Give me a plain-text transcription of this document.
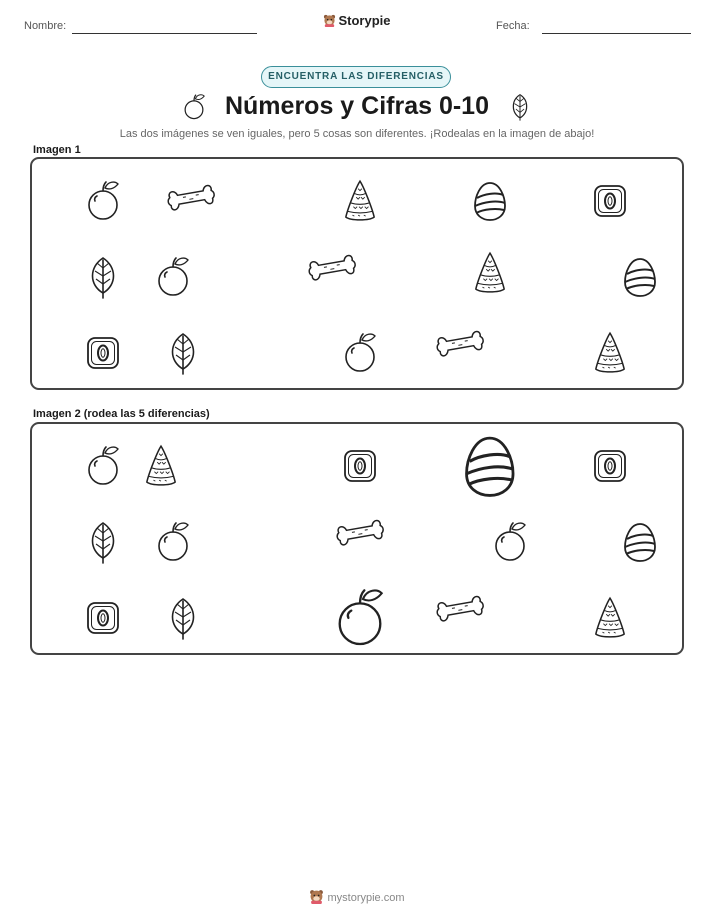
Nombre:	Storypie	Fecha:
ENCUENTRA LAS DIFERENCIAS
Números y Cifras 0-10
Las dos imágenes se ven iguales, pero 5 cosas son diferentes. ¡Rodealas en la imagen de abajo!
Imagen 1
Imagen 2 (rodea las 5 diferencias)
mystorypie.com
